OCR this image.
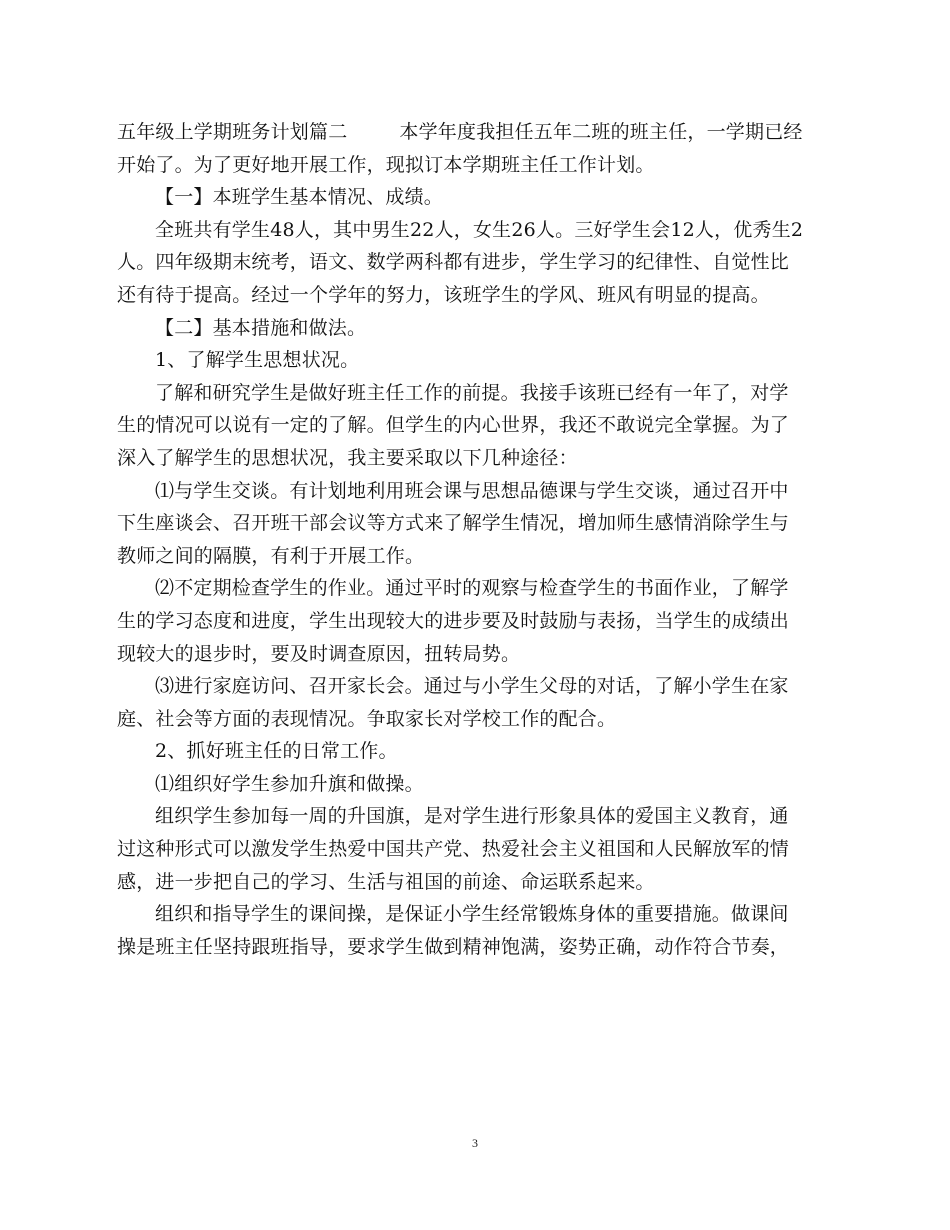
五年级上学期班务计划篇二	本学年度我担任五年二班的班主任，一学期已经开始了。为了更好地开展工作，现拟订本学期班主任工作计划。

【一】本班学生基本情况、成绩。

全班共有学生48人，其中男生22人，女生26人。三好学生会12人，优秀生2人。四年级期末统考，语文、数学两科都有进步，学生学习的纪律性、自觉性比还有待于提高。经过一个学年的努力，该班学生的学风、班风有明显的提高。

【二】基本措施和做法。

1、了解学生思想状况。

了解和研究学生是做好班主任工作的前提。我接手该班已经有一年了，对学生的情况可以说有一定的了解。但学生的内心世界，我还不敢说完全掌握。为了深入了解学生的思想状况，我主要采取以下几种途径：

⑴与学生交谈。有计划地利用班会课与思想品德课与学生交谈，通过召开中下生座谈会、召开班干部会议等方式来了解学生情况，增加师生感情消除学生与教师之间的隔膜，有利于开展工作。

⑵不定期检查学生的作业。通过平时的观察与检查学生的书面作业，了解学生的学习态度和进度，学生出现较大的进步要及时鼓励与表扬，当学生的成绩出现较大的退步时，要及时调查原因，扭转局势。

⑶进行家庭访问、召开家长会。通过与小学生父母的对话，了解小学生在家庭、社会等方面的表现情况。争取家长对学校工作的配合。

2、抓好班主任的日常工作。

⑴组织好学生参加升旗和做操。

组织学生参加每一周的升国旗，是对学生进行形象具体的爱国主义教育，通过这种形式可以激发学生热爱中国共产党、热爱社会主义祖国和人民解放军的情感，进一步把自己的学习、生活与祖国的前途、命运联系起来。

组织和指导学生的课间操，是保证小学生经常锻炼身体的重要措施。做课间操是班主任坚持跟班指导，要求学生做到精神饱满，姿势正确，动作符合节奏，

3
